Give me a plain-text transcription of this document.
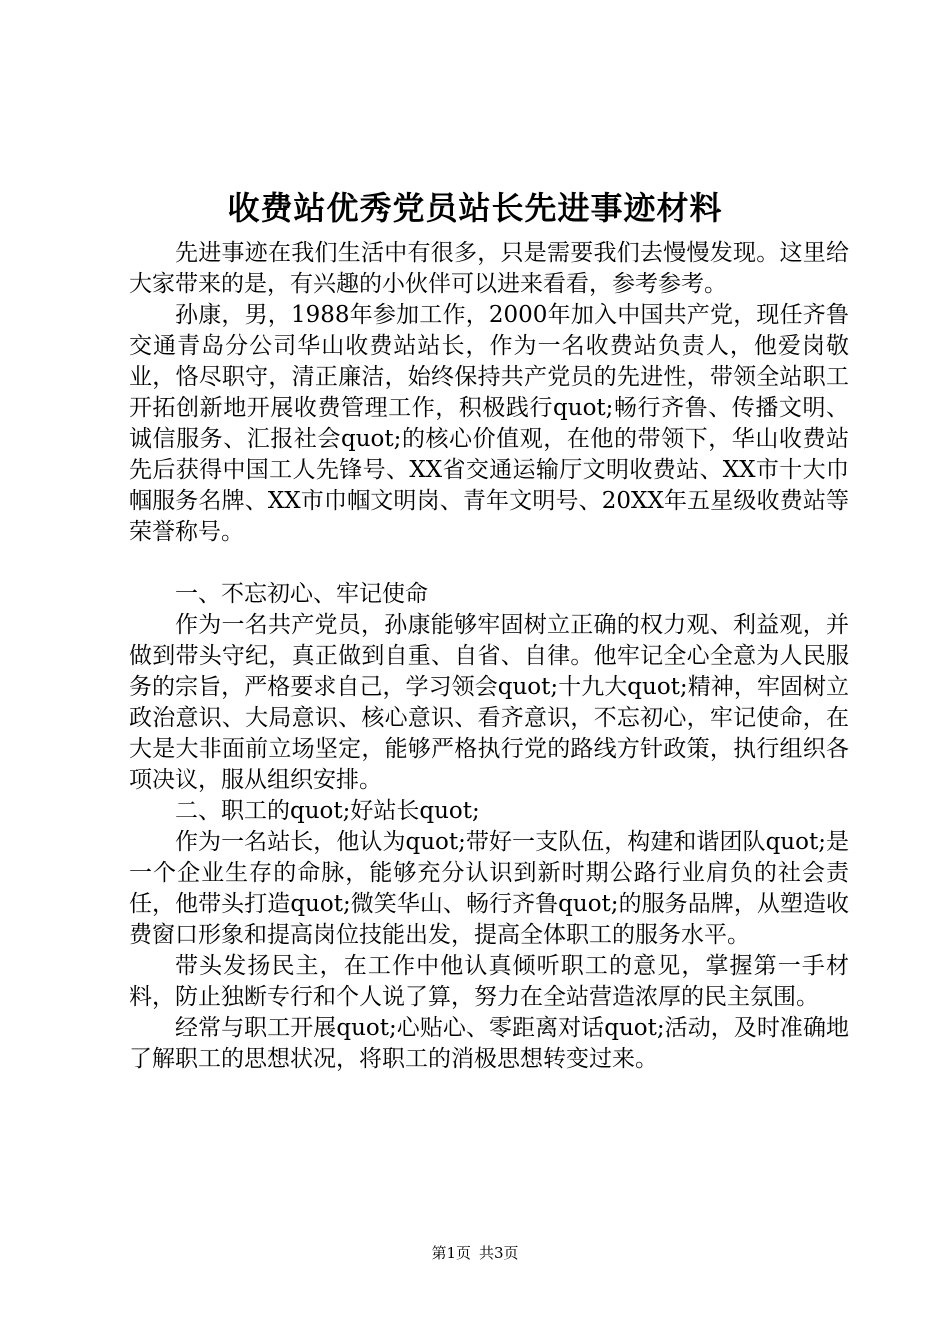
收费站优秀党员站长先进事迹材料

先进事迹在我们生活中有很多，只是需要我们去慢慢发现。这里给大家带来的是，有兴趣的小伙伴可以进来看看，参考参考。

孙康，男，1988年参加工作，2000年加入中国共产党，现任齐鲁交通青岛分公司华山收费站站长，作为一名收费站负责人，他爱岗敬业，恪尽职守，清正廉洁，始终保持共产党员的先进性，带领全站职工开拓创新地开展收费管理工作，积极践行quot;畅行齐鲁、传播文明、诚信服务、汇报社会quot;的核心价值观，在他的带领下，华山收费站先后获得中国工人先锋号、XX省交通运输厅文明收费站、XX市十大巾帼服务名牌、XX市巾帼文明岗、青年文明号、20XX年五星级收费站等荣誉称号。

一、不忘初心、牢记使命

作为一名共产党员，孙康能够牢固树立正确的权力观、利益观，并做到带头守纪，真正做到自重、自省、自律。他牢记全心全意为人民服务的宗旨，严格要求自己，学习领会quot;十九大quot;精神，牢固树立政治意识、大局意识、核心意识、看齐意识，不忘初心，牢记使命，在大是大非面前立场坚定，能够严格执行党的路线方针政策，执行组织各项决议，服从组织安排。

二、职工的quot;好站长quot;

作为一名站长，他认为quot;带好一支队伍，构建和谐团队quot;是一个企业生存的命脉，能够充分认识到新时期公路行业肩负的社会责任，他带头打造quot;微笑华山、畅行齐鲁quot;的服务品牌，从塑造收费窗口形象和提高岗位技能出发，提高全体职工的服务水平。

带头发扬民主，在工作中他认真倾听职工的意见，掌握第一手材料，防止独断专行和个人说了算，努力在全站营造浓厚的民主氛围。

经常与职工开展quot;心贴心、零距离对话quot;活动，及时准确地了解职工的思想状况，将职工的消极思想转变过来。

第1页 共3页
